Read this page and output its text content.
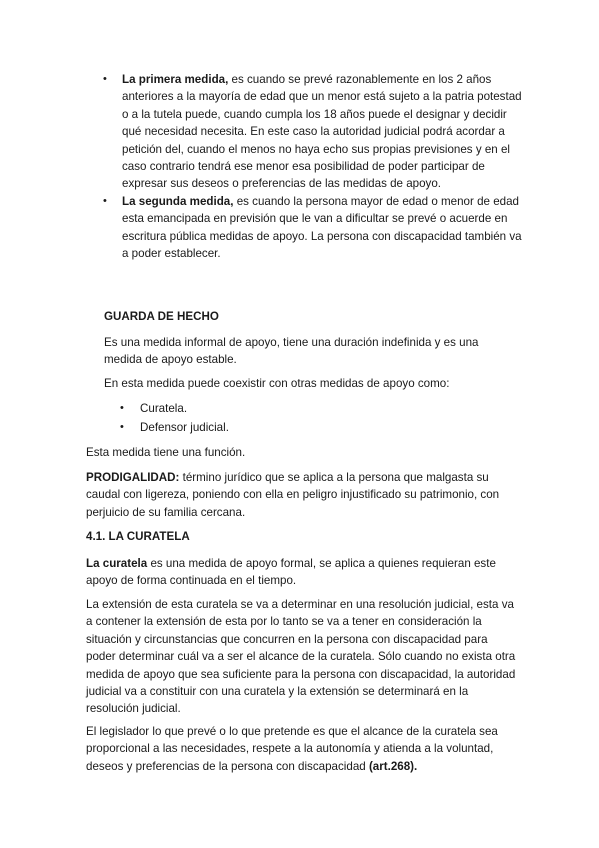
• La primera medida, es cuando se prevé razonablemente en los 2 años anteriores a la mayoría de edad que un menor está sujeto a la patria potestad o a la tutela puede, cuando cumpla los 18 años puede el designar y decidir qué necesidad necesita. En este caso la autoridad judicial podrá acordar a petición del, cuando el menos no haya echo sus propias previsiones y en el caso contrario tendrá ese menor esa posibilidad de poder participar de expresar sus deseos o preferencias de las medidas de apoyo.
• La segunda medida, es cuando la persona mayor de edad o menor de edad esta emancipada en previsión que le van a dificultar se prevé o acuerde en escritura pública medidas de apoyo. La persona con discapacidad también va a poder establecer.

GUARDA DE HECHO

Es una medida informal de apoyo, tiene una duración indefinida y es una medida de apoyo estable.

En esta medida puede coexistir con otras medidas de apoyo como:

• Curatela.
• Defensor judicial.

Esta medida tiene una función.

PRODIGALIDAD: término jurídico que se aplica a la persona que malgasta su caudal con ligereza, poniendo con ella en peligro injustificado su patrimonio, con perjuicio de su familia cercana.

4.1. LA CURATELA

La curatela es una medida de apoyo formal, se aplica a quienes requieran este apoyo de forma continuada en el tiempo.

La extensión de esta curatela se va a determinar en una resolución judicial, esta va a contener la extensión de esta por lo tanto se va a tener en consideración la situación y circunstancias que concurren en la persona con discapacidad para poder determinar cuál va a ser el alcance de la curatela. Sólo cuando no exista otra medida de apoyo que sea suficiente para la persona con discapacidad, la autoridad judicial va a constituir con una curatela y la extensión se determinará en la resolución judicial.

El legislador lo que prevé o lo que pretende es que el alcance de la curatela sea proporcional a las necesidades, respete a la autonomía y atienda a la voluntad, deseos y preferencias de la persona con discapacidad (art.268).
